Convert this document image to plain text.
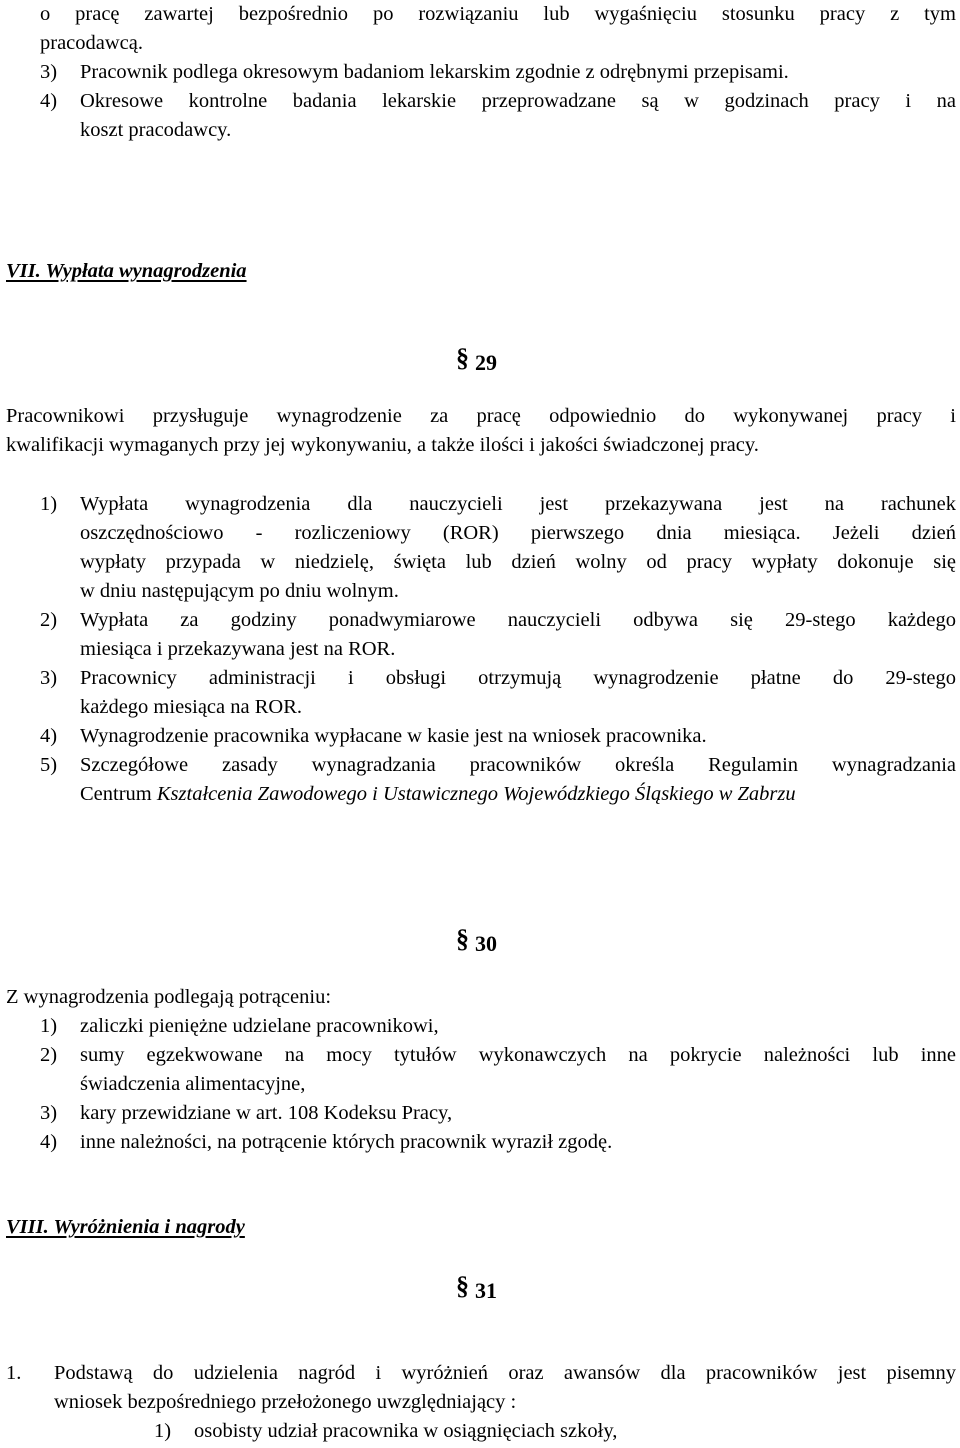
o pracę zawartej bezpośrednio po rozwiązaniu lub wygaśnięciu stosunku pracy z tym
pracodawcą.
3)	Pracownik podlega okresowym badaniom lekarskim zgodnie z odrębnymi przepisami.
4)	Okresowe kontrolne badania lekarskie przeprowadzane są w godzinach pracy i na
koszt pracodawcy.
VII. Wypłata wynagrodzenia
§ 29
Pracownikowi przysługuje wynagrodzenie za pracę odpowiednio do wykonywanej pracy i
kwalifikacji wymaganych przy jej wykonywaniu, a także ilości i jakości świadczonej pracy.
1)	Wypłata wynagrodzenia dla nauczycieli jest przekazywana jest na rachunek
oszczędnościowo - rozliczeniowy (ROR) pierwszego dnia miesiąca. Jeżeli dzień
wypłaty przypada w niedzielę, święta lub dzień wolny od pracy wypłaty dokonuje się
w dniu następującym po dniu wolnym.
2)	Wypłata za godziny ponadwymiarowe nauczycieli odbywa się 29-stego każdego
miesiąca i przekazywana jest na ROR.
3)	Pracownicy administracji i obsługi otrzymują wynagrodzenie płatne do 29-stego
każdego miesiąca na ROR.
4)	Wynagrodzenie pracownika wypłacane w kasie jest na wniosek pracownika.
5)	Szczegółowe zasady wynagradzania pracowników określa Regulamin wynagradzania
Centrum Kształcenia Zawodowego i Ustawicznego Wojewódzkiego Śląskiego w Zabrzu
§ 30
Z wynagrodzenia podlegają potrąceniu:
1)	zaliczki pieniężne udzielane pracownikowi,
2)	sumy egzekwowane na mocy tytułów wykonawczych na pokrycie należności lub inne
świadczenia alimentacyjne,
3)	kary przewidziane w art. 108 Kodeksu Pracy,
4)	inne należności, na potrącenie których pracownik wyraził zgodę.
VIII. Wyróżnienia i nagrody
§ 31
1.	Podstawą do udzielenia nagród i wyróżnień oraz awansów dla pracowników jest pisemny
wniosek bezpośredniego przełożonego uwzględniający :
1)	osobisty udział pracownika w osiągnięciach szkoły,
